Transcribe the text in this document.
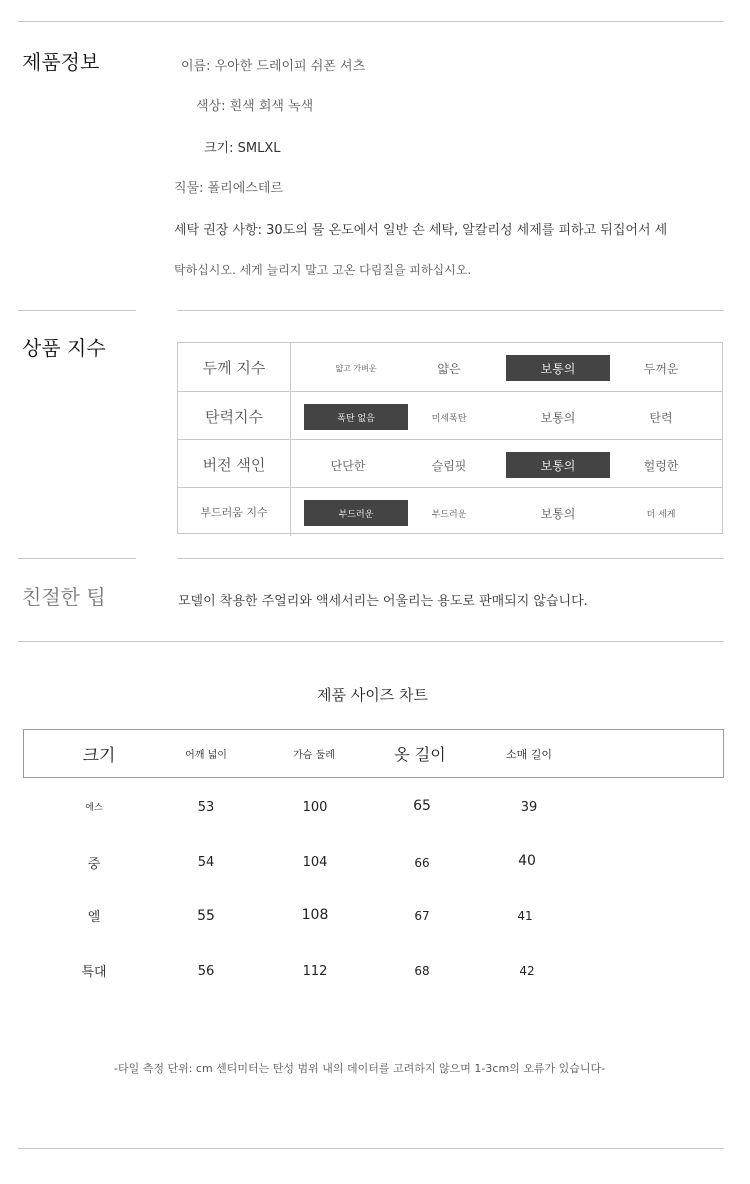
제품정보	이름: 우아한 드레이피 쉬폰 셔츠
색상: 흰색 회색 녹색
크기: SMLXL
직물: 폴리에스테르
세탁 권장 사항: 30도의 물 온도에서 일반 손 세탁, 알칼리성 세제를 피하고 뒤집어서 세
탁하십시오. 세게 늘리지 말고 고온 다림질을 피하십시오.
상품 지수
두께 지수	얇고 가벼운	얇은	보통의	두꺼운
탄력지수	폭탄 없음	미세폭탄	보통의	탄력
버전 색인	단단한	슬림핏	보통의	헐렁한
부드러움 지수	부드러운	부드러운	보통의	더 세게
친절한 팁	모델이 착용한 주얼리와 액세서리는 어울리는 용도로 판매되지 않습니다.
제품 사이즈 차트
크기	어깨 넓이	가슴 둘레	옷 길이	소매 길이
에스	53	100	65	39
중	54	104	66	40
엘	55	108	67	41
특대	56	112	68	42
-타일 측정 단위: cm 센티미터는 탄성 범위 내의 데이터를 고려하지 않으며 1-3cm의 오류가 있습니다-
